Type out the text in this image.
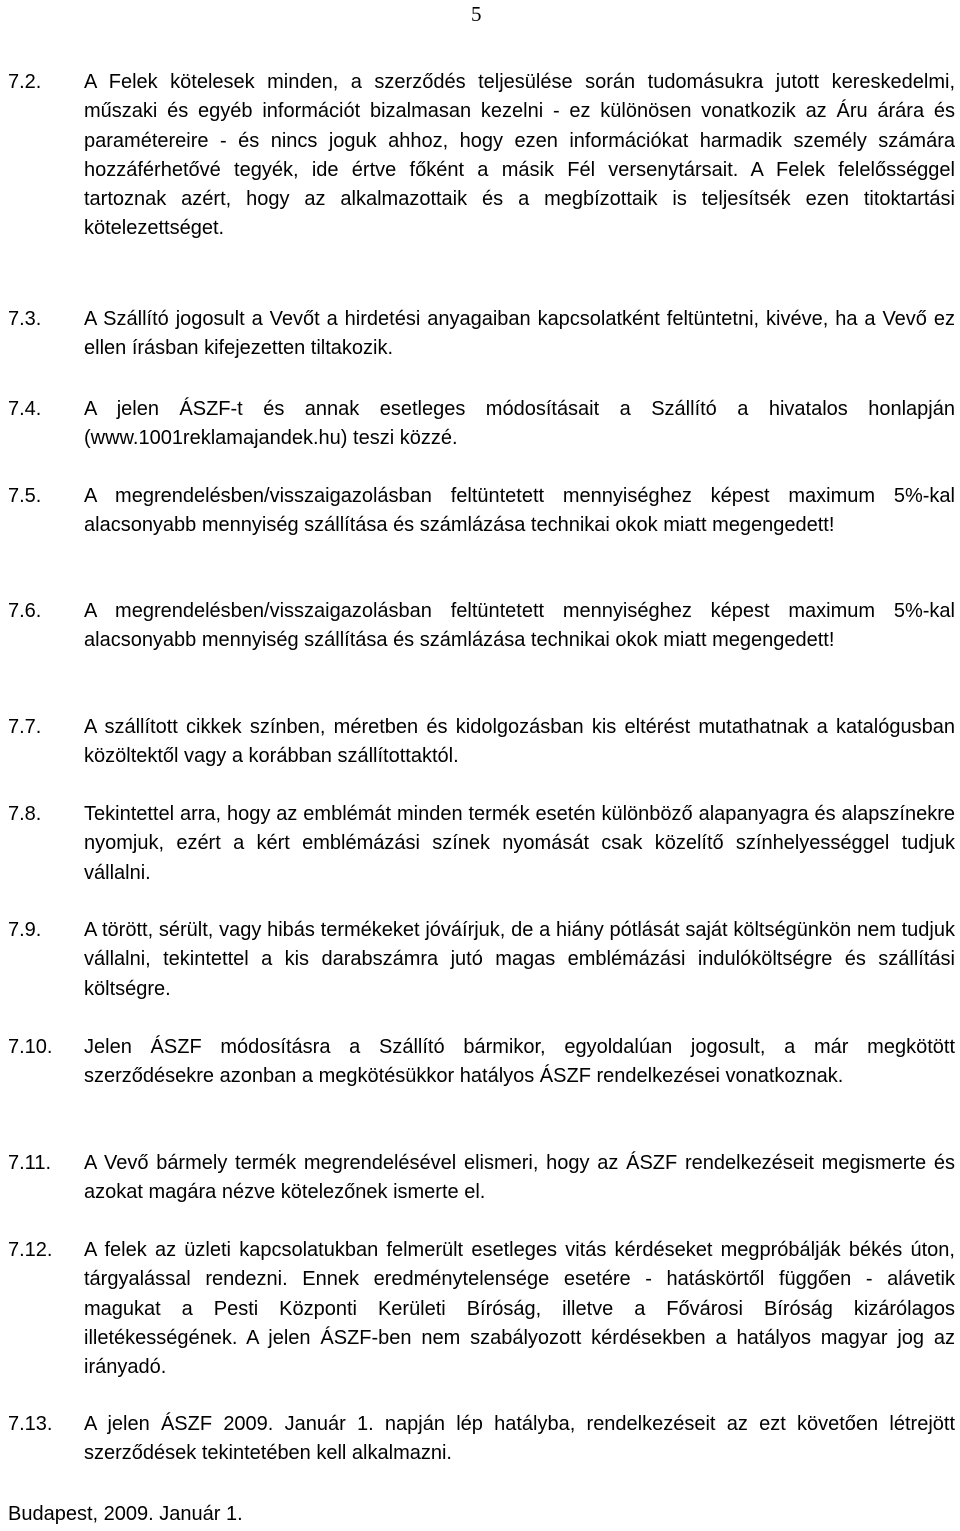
5
7.2. A Felek kötelesek minden, a szerződés teljesülése során tudomásukra jutott kereskedelmi, műszaki és egyéb információt bizalmasan kezelni - ez különösen vonatkozik az Áru árára és paramétereire - és nincs joguk ahhoz, hogy ezen információkat harmadik személy számára hozzáférhetővé tegyék, ide értve főként a másik Fél versenytársait. A Felek felelősséggel tartoznak azért, hogy az alkalmazottaik és a megbízottaik is teljesítsék ezen titoktartási kötelezettséget.
7.3. A Szállító jogosult a Vevőt a hirdetési anyagaiban kapcsolatként feltüntetni, kivéve, ha a Vevő ez ellen írásban kifejezetten tiltakozik.
7.4. A jelen ÁSZF-t és annak esetleges módosításait a Szállító a hivatalos honlapján (www.1001reklamajandek.hu) teszi közzé.
7.5. A megrendelésben/visszaigazolásban feltüntetett mennyiséghez képest maximum 5%-kal alacsonyabb mennyiség szállítása és számlázása technikai okok miatt megengedett!
7.6. A megrendelésben/visszaigazolásban feltüntetett mennyiséghez képest maximum 5%-kal alacsonyabb mennyiség szállítása és számlázása technikai okok miatt megengedett!
7.7. A szállított cikkek színben, méretben és kidolgozásban kis eltérést mutathatnak a katalógusban közöltektől vagy a korábban szállítottaktól.
7.8. Tekintettel arra, hogy az emblémát minden termék esetén különböző alapanyagra és alapszínekre nyomjuk, ezért a kért emblémázási színek nyomását csak közelítő színhelyességgel tudjuk vállalni.
7.9. A törött, sérült, vagy hibás termékeket jóváírjuk, de a hiány pótlását saját költségünkön nem tudjuk vállalni, tekintettel a kis darabszámra jutó magas emblémázási indulóköltségre és szállítási költségre.
7.10. Jelen ÁSZF módosításra a Szállító bármikor, egyoldalúan jogosult, a már megkötött szerződésekre azonban a megkötésükkor hatályos ÁSZF rendelkezései vonatkoznak.
7.11. A Vevő bármely termék megrendelésével elismeri, hogy az ÁSZF rendelkezéseit megismerte és azokat magára nézve kötelezőnek ismerte el.
7.12. A felek az üzleti kapcsolatukban felmerült esetleges vitás kérdéseket megpróbálják békés úton, tárgyalással rendezni. Ennek eredménytelensége esetére - hatáskörtől függően - alávetik magukat a Pesti Központi Kerületi Bíróság, illetve a Fővárosi Bíróság kizárólagos illetékességének. A jelen ÁSZF-ben nem szabályozott kérdésekben a hatályos magyar jog az irányadó.
7.13. A jelen ÁSZF 2009. Január 1. napján lép hatályba, rendelkezéseit az ezt követően létrejött szerződések tekintetében kell alkalmazni.
Budapest, 2009. Január 1.
